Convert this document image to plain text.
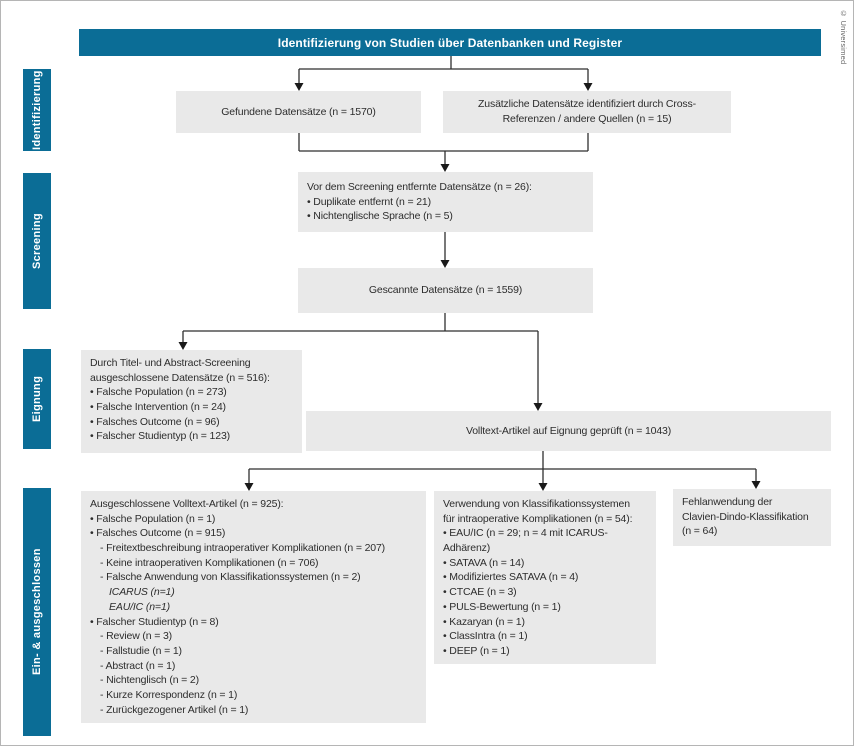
Identifizierung von Studien über Datenbanken und Register
Identifizierung
Screening
Eignung
Ein- & ausgeschlossen
Gefundene Datensätze (n = 1570)
Zusätzliche Datensätze identifiziert durch Cross-Referenzen / andere Quellen (n = 15)
Vor dem Screening entfernte Datensätze (n = 26):
• Duplikate entfernt (n = 21)
• Nichtenglische Sprache (n = 5)
Gescannte Datensätze (n = 1559)
Durch Titel- und Abstract-Screening ausgeschlossene Datensätze (n = 516):
• Falsche Population (n = 273)
• Falsche Intervention (n = 24)
• Falsches Outcome (n = 96)
• Falscher Studientyp (n = 123)	Volltext-Artikel auf Eignung geprüft (n = 1043)
Ausgeschlossene Volltext-Artikel (n = 925):
• Falsche Population (n = 1)
• Falsches Outcome (n = 915)
- Freitextbeschreibung intraoperativer Komplikationen (n = 207)
- Keine intraoperativen Komplikationen (n = 706)
- Falsche Anwendung von Klassifikationssystemen (n = 2)
ICARUS (n=1)
EAU/IC (n=1)
• Falscher Studientyp (n = 8)
- Review (n = 3)
- Fallstudie (n = 1)
- Abstract (n = 1)
- Nichtenglisch (n = 2)
- Kurze Korrespondenz (n = 1)
- Zurückgezogener Artikel (n = 1)
Verwendung von Klassifikationssystemen
für intraoperative Komplikationen (n = 54):
• EAU/IC (n = 29; n = 4 mit ICARUS-
Adhärenz)
• SATAVA (n = 14)
• Modifiziertes SATAVA (n = 4)
• CTCAE (n = 3)
• PULS-Bewertung (n = 1)
• Kazaryan (n = 1)
• ClassIntra (n = 1)
• DEEP (n = 1)
Fehlanwendung der
Clavien-Dindo-Klassifikation
(n = 64)
© Universimed
